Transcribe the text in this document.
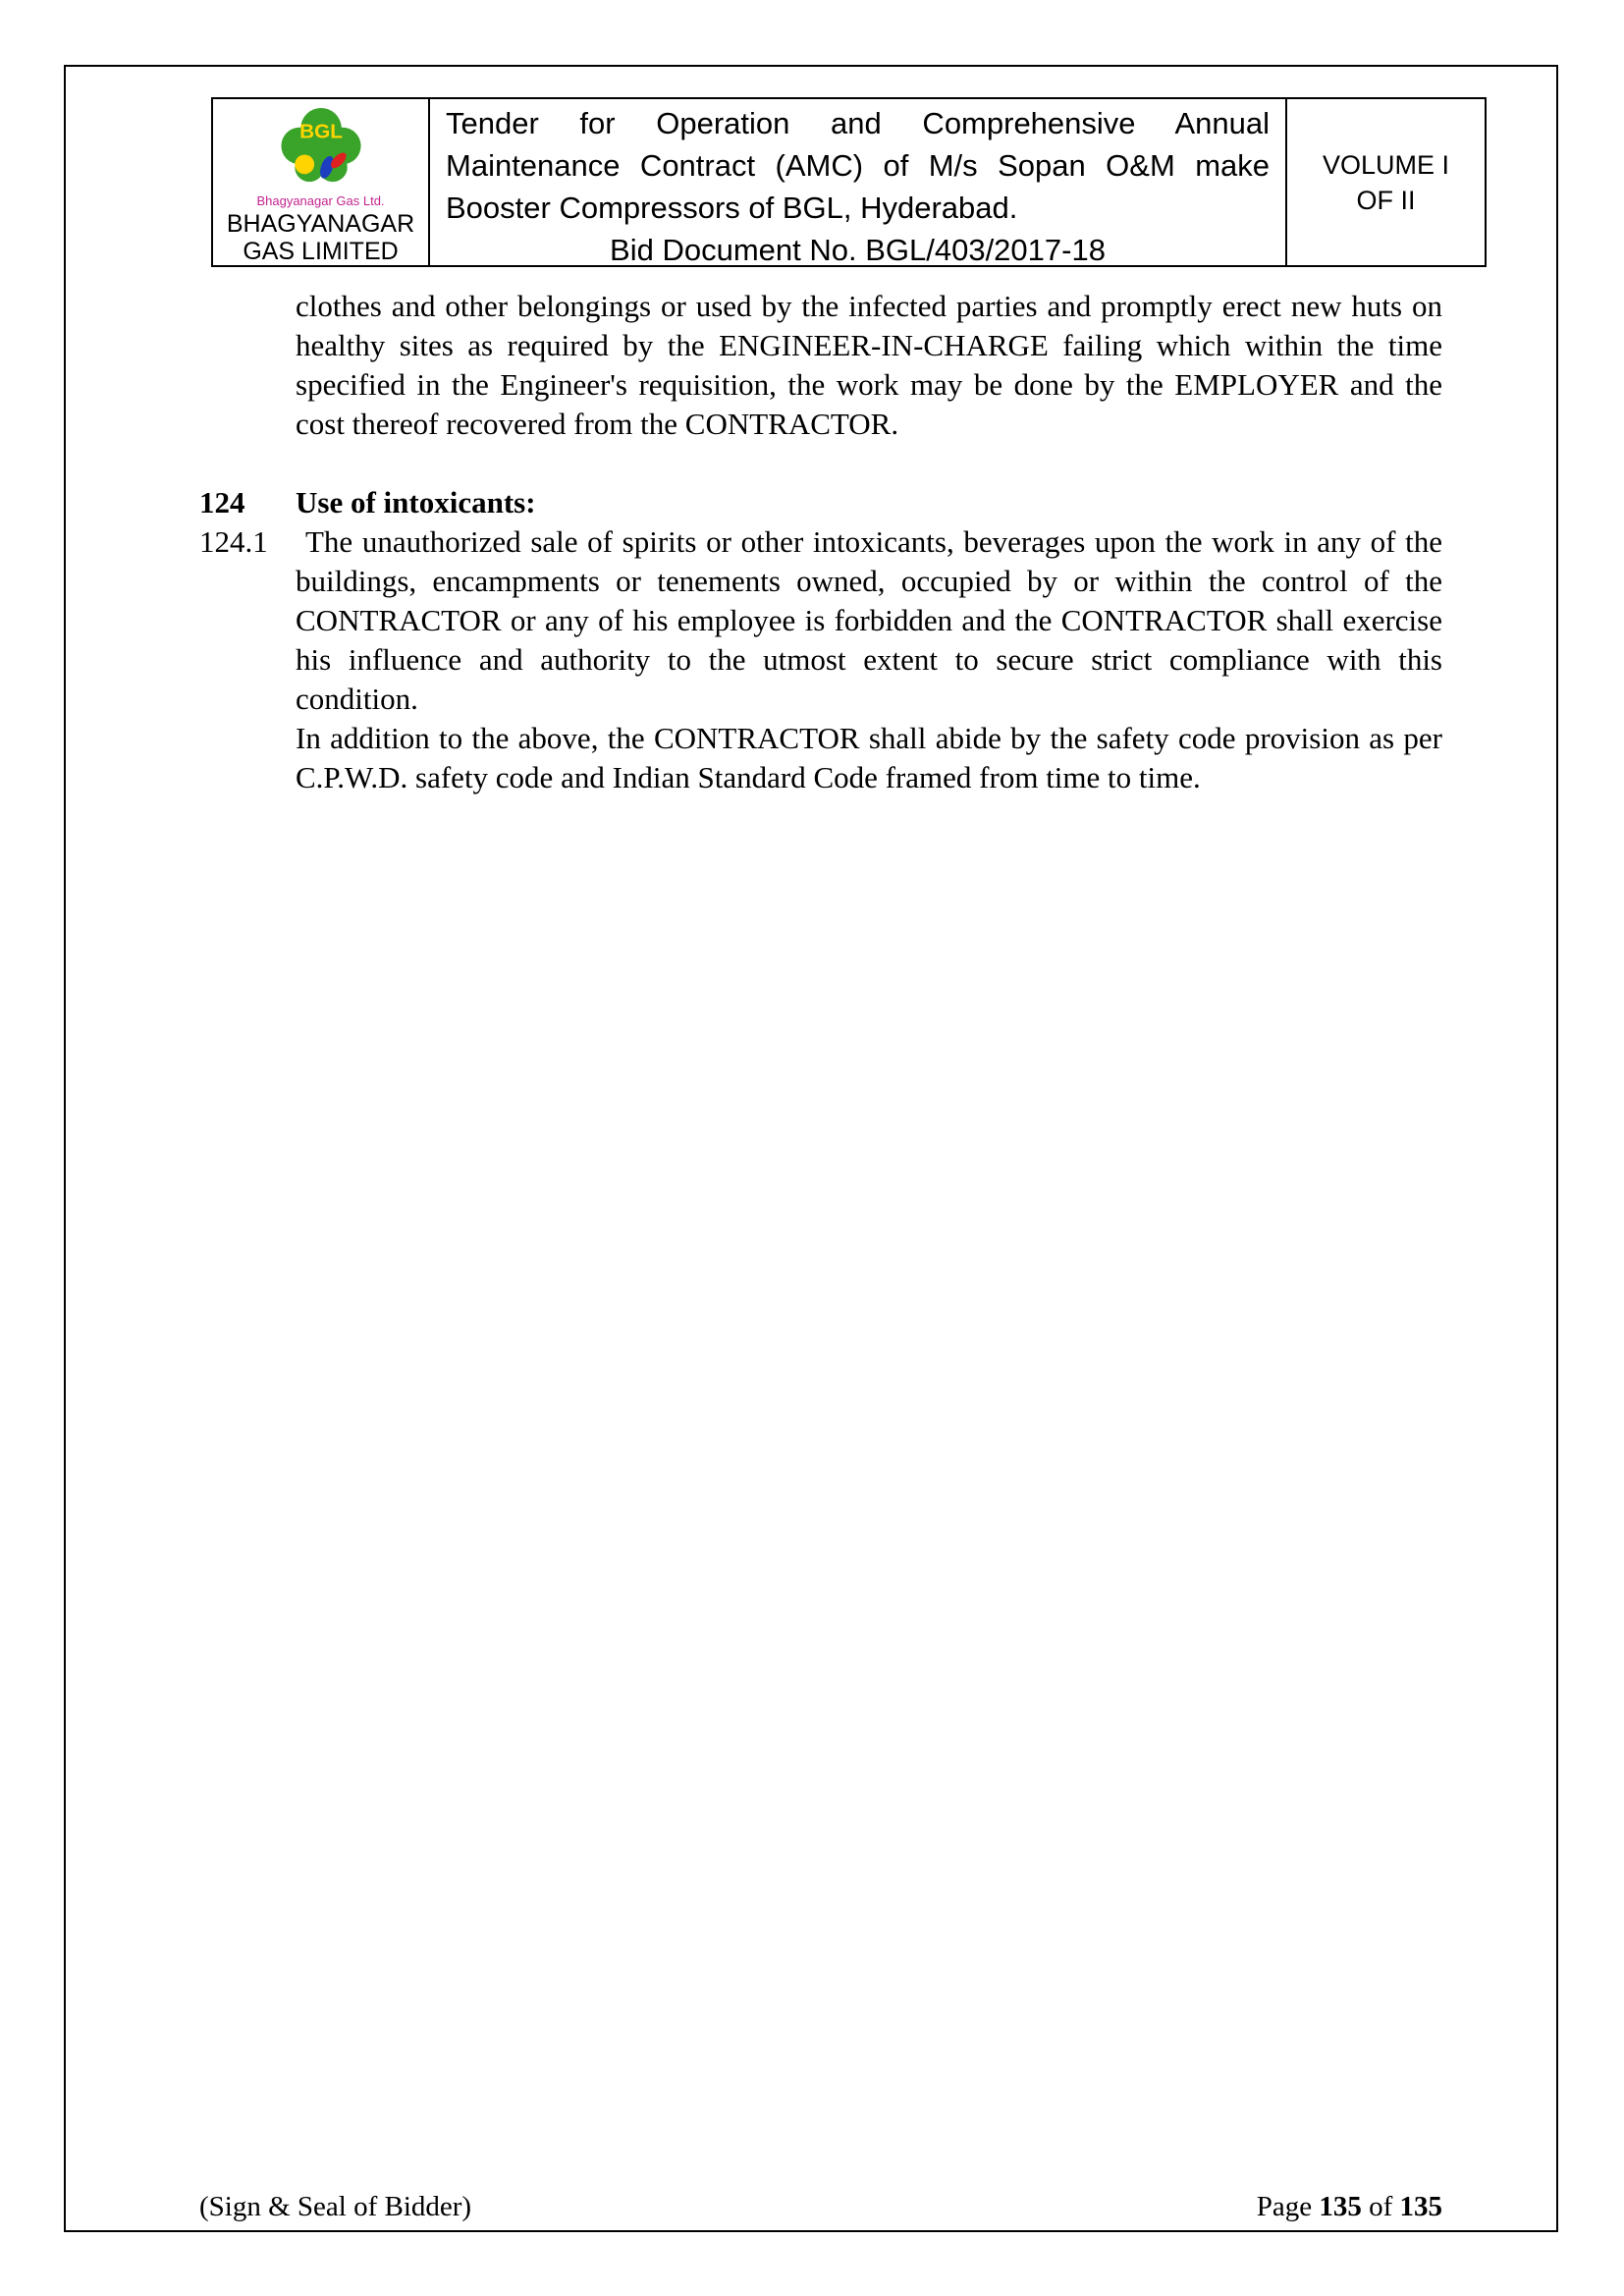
BGL
Bhagyanagar Gas Ltd.
BHAGYANAGAR GAS LIMITED
Tender for Operation and Comprehensive Annual Maintenance Contract (AMC) of M/s Sopan O&M make Booster Compressors of BGL, Hyderabad.
Bid Document No. BGL/403/2017-18
VOLUME I
OF II
clothes and other belongings or used by the infected parties and promptly erect new huts on healthy sites as required by the ENGINEER-IN-CHARGE failing which within the time specified in the Engineer's requisition, the work may be done by the EMPLOYER and the cost thereof recovered from the CONTRACTOR.
124	Use of intoxicants:
124.1	The unauthorized sale of spirits or other intoxicants, beverages upon the work in any of the buildings, encampments or tenements owned, occupied by or within the control of the CONTRACTOR or any of his employee is forbidden and the CONTRACTOR shall exercise his influence and authority to the utmost extent to secure strict compliance with this condition.
In addition to the above, the CONTRACTOR shall abide by the safety code provision as per C.P.W.D. safety code and Indian Standard Code framed from time to time.
(Sign & Seal of Bidder)	Page 135 of 135
